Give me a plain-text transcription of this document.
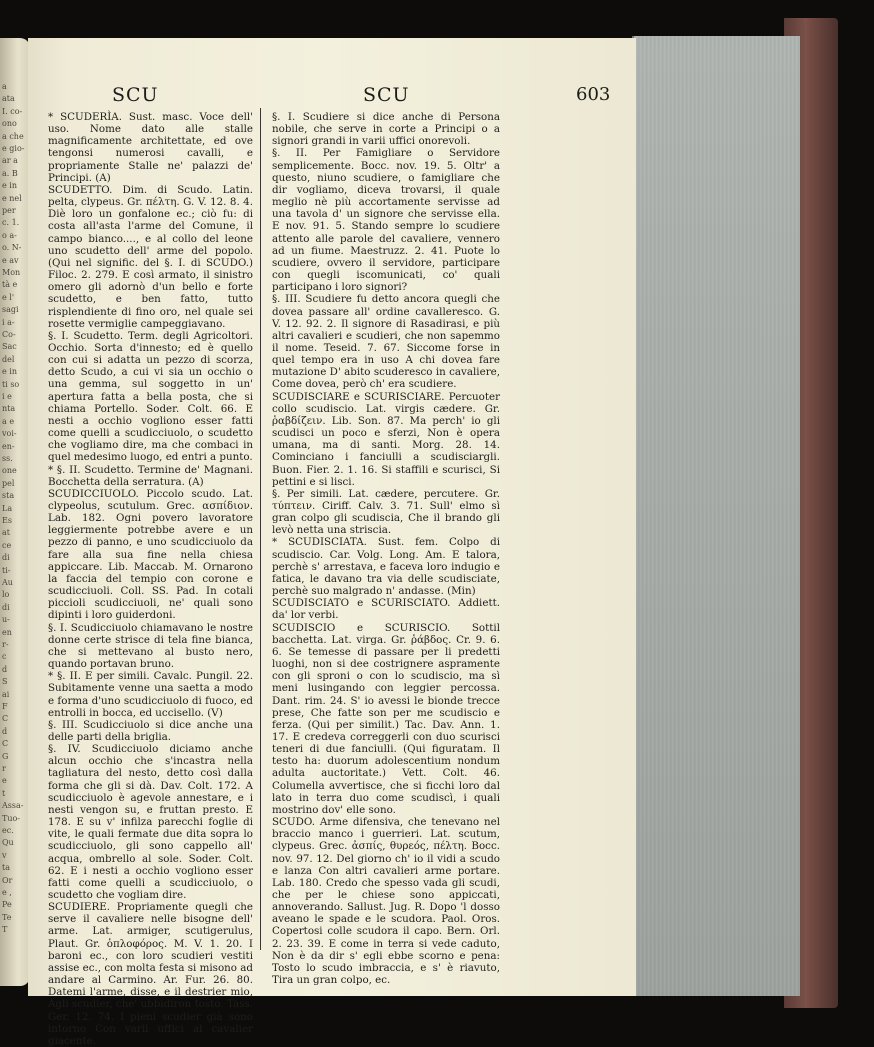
a
ata
I. co-
ono
a che
e gio-
ar a
a. B
e in
e nel
per
c. 1.
o a-
o. N-
e av
Mon
tà e
e l'
sagi
i a-
Co-
Sac
del
e in
ti so
i e
nta
a e
voi-
en-
ss.
one
pel
sta
La
Es
at
ce
di
ti-
Au
lo
di
u-
en
r-
c
d
S
ai
F
C
d
C
G
r
e
t
Assa-
Tuo-
ec.
Qu
v
ta
Or
e ,
Pe
Te
T
SCU	SCU	603

* SCUDERÌA. Sust. masc. Voce dell' uso. Nome dato alle stalle magnificamente architettate, ed ove tengonsi numerosi cavalli, e propriamente Stalle ne' palazzi de' Principi. (A)

SCUDETTO. Dim. di Scudo. Latin. pelta, clypeus. Gr. πέλτη. G. V. 12. 8. 4. Diè loro un gonfalone ec.; ciò fu: di costa all'asta l'arme del Comune, il campo bianco...., e al collo del leone uno scudetto dell' arme del popolo. (Qui nel signific. del §. I. di SCUDO.) Filoc. 2. 279. E così armato, il sinistro omero gli adornò d'un bello e forte scudetto, e ben fatto, tutto risplendiente di fino oro, nel quale sei rosette vermiglie campeggiavano.

§. I. Scudetto. Term. degli Agricoltori. Occhio. Sorta d'innesto; ed è quello con cui si adatta un pezzo di scorza, detto Scudo, a cui vi sia un occhio o una gemma, sul soggetto in un' apertura fatta a bella posta, che si chiama Portello. Soder. Colt. 66. E nesti a occhio vogliono esser fatti come quelli a scudicciuolo, o scudetto che vogliamo dire, ma che combaci in quel medesimo luogo, ed entri a punto.

* §. II. Scudetto. Termine de' Magnani. Bocchetta della serratura. (A)

SCUDICCIUOLO. Piccolo scudo. Lat. clypeolus, scutulum. Grec. ασπίδιον. Lab. 182. Ogni povero lavoratore leggiermente potrebbe avere e un pezzo di panno, e uno scudicciuolo da fare alla sua fine nella chiesa appiccare. Lib. Maccab. M. Ornarono la faccia del tempio con corone e scudicciuoli. Coll. SS. Pad. In cotali piccioli scudicciuoli, ne' quali sono dipinti i loro guiderdoni.

§. I. Scudicciuolo chiamavano le nostre donne certe strisce di tela fine bianca, che si mettevano al busto nero, quando portavan bruno.

* §. II. E per simili. Cavalc. Pungil. 22. Subitamente venne una saetta a modo e forma d'uno scudicciuolo di fuoco, ed entrolli in bocca, ed uccisello. (V)

§. III. Scudicciuolo si dice anche una delle parti della briglia.

§. IV. Scudicciuolo diciamo anche alcun occhio che s'incastra nella tagliatura del nesto, detto così dalla forma che gli si dà. Dav. Colt. 172. A scudicciuolo è agevole annestare, e i nesti vengon su, e fruttan presto. E 178. E su v' infilza parecchi foglie di vite, le quali fermate due dita sopra lo scudicciuolo, gli sono cappello all' acqua, ombrello al sole. Soder. Colt. 62. E i nesti a occhio vogliono esser fatti come quelli a scudicciuolo, o scudetto che vogliam dire.

SCUDIERE. Propriamente quegli che serve il cavaliere nelle bisogne dell' arme. Lat. armiger, scutigerulus, Plaut. Gr. ὁπλοφόρος. M. V. 1. 20. I baroni ec., con loro scudieri vestiti assise ec., con molta festa si misono ad andare al Carmino. Ar. Fur. 26. 80. Datemi l'arme, disse, e il destrier mio, Agli scudier, che' ubbidiron tosto. Tass. Ger. 12. 74. I pieni scudier già sono intorno Con varii uffici al cavalier giacente.

§. I. Scudiere si dice anche di Persona nobile, che serve in corte a Principi o a signori grandi in varii uffici onorevoli.

§. II. Per Famigliare o Servidore semplicemente. Bocc. nov. 19. 5. Oltr' a questo, niuno scudiere, o famigliare che dir vogliamo, diceva trovarsi, il quale meglio nè più accortamente servisse ad una tavola d' un signore che servisse ella. E nov. 91. 5. Stando sempre lo scudiere attento alle parole del cavaliere, vennero ad un fiume. Maestruzz. 2. 41. Puote lo scudiere, ovvero il servidore, participare con quegli iscomunicati, co' quali participano i loro signori?

§. III. Scudiere fu detto ancora quegli che dovea passare all' ordine cavalleresco. G. V. 12. 92. 2. Il signore di Rasadirasi, e più altri cavalieri e scudieri, che non sapemmo il nome. Teseid. 7. 67. Siccome forse in quel tempo era in uso A chi dovea fare mutazione D' abito scuderesco in cavaliere, Come dovea, però ch' era scudiere.

SCUDISCIARE e SCURISCIARE. Percuoter collo scudiscio. Lat. virgis cædere. Gr. ῥαβδίζειν. Lib. Son. 87. Ma perch' io gli scudisci un poco e sferzi, Non è opera umana, ma di santi. Morg. 28. 14. Cominciano i fanciulli a scudisciargli. Buon. Fier. 2. 1. 16. Si staffili e scurisci, Si pettini e si lisci.

§. Per simili. Lat. cædere, percutere. Gr. τύπτειν. Ciriff. Calv. 3. 71. Sull' elmo sì gran colpo gli scudiscia, Che il brando gli levò netta una striscia.

* SCUDISCIATA. Sust. fem. Colpo di scudiscio. Car. Volg. Long. Am. E talora, perchè s' arrestava, e faceva loro indugio e fatica, le davano tra via delle scudisciate, perchè suo malgrado n' andasse. (Min)

SCUDISCIATO e SCURISCIATO. Addiett. da' lor verbi.

SCUDISCIO e SCURISCIO. Sottil bacchetta. Lat. virga. Gr. ῥάβδος. Cr. 9. 6. 6. Se temesse di passare per li predetti luoghi, non si dee costrignere aspramente con gli sproni o con lo scudiscio, ma sì meni lusingando con leggier percossa. Dant. rim. 24. S' io avessi le bionde trecce prese, Che fatte son per me scudiscio e ferza. (Qui per similit.) Tac. Dav. Ann. 1. 17. E credeva correggerli con duo scurisci teneri di due fanciulli. (Qui figuratam. Il testo ha: duorum adolescentium nondum adulta auctoritate.) Vett. Colt. 46. Columella avvertisce, che si ficchi loro dal lato in terra duo come scudiscì, i quali mostrino dov' elle sono.

SCUDO. Arme difensiva, che tenevano nel braccio manco i guerrieri. Lat. scutum, clypeus. Grec. ἀσπίς, θυρεός, πέλτη. Bocc. nov. 97. 12. Del giorno ch' io il vidi a scudo e lanza Con altri cavalieri arme portare. Lab. 180. Credo che spesso vada gli scudi, che per le chiese sono appiccati, annoverando. Sallust. Jug. R. Dopo 'l dosso aveano le spade e le scudora. Paol. Oros. Copertosi colle scudora il capo. Bern. Orl. 2. 23. 39. E come in terra si vede caduto, Non è da dir s' egli ebbe scorno e pena: Tosto lo scudo imbraccia, e s' è riavuto, Tira un gran colpo, ec.
